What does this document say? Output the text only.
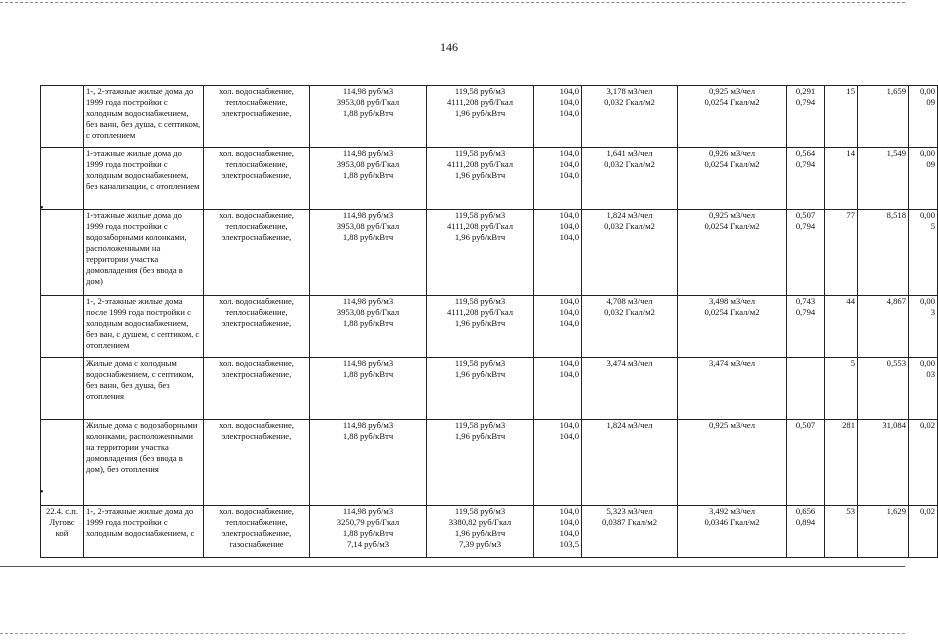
146
	1-, 2-этажные жилые дома до 1999 года постройки с холодным водоснабжением, без ванн, без душа, с септиком, с отоплением	хол. водоснабжение,
теплоснабжение,
электроснабжение,	114,98 руб/м3
3953,08 руб/Гкал
1,88 руб/кВтч	119,58 руб/м3
4111,208 руб/Гкал
1,96 руб/кВтч	104,0
104,0
104,0	3,178 м3/чел
0,032 Гкал/м2	0,925 м3/чел
0,0254 Гкал/м2	0,291
0,794	15	1,659	0,00
09

	1-этажные жилые дома до 1999 года постройки с холодным водоснабжением, без канализации, с отоплением	хол. водоснабжение,
теплоснабжение,
электроснабжение,	114,98 руб/м3
3953,08 руб/Гкал
1,88 руб/кВтч	119,58 руб/м3
4111,208 руб/Гкал
1,96 руб/кВтч	104,0
104,0
104,0	1,641 м3/чел
0,032 Гкал/м2	0,926 м3/чел
0,0254 Гкал/м2	0,564
0,794	14	1,549	0,00
09

	1-этажные жилые дома до 1999 года постройки с водозаборными колонками, расположенными на территории участка домовладения (без ввода в дом)	хол. водоснабжение,
теплоснабжение,
электроснабжение,	114,98 руб/м3
3953,08 руб/Гкал
1,88 руб/кВтч	119,58 руб/м3
4111,208 руб/Гкал
1,96 руб/кВтч	104,0
104,0
104,0	1,824 м3/чел
0,032 Гкал/м2	0,925 м3/чел
0,0254 Гкал/м2	0,507
0,794	77	8,518	0,00
5

	1-, 2-этажные жилые дома после 1999 года постройки с холодным водоснабжением, без ван, с душем, с септиком, с отоплением	хол. водоснабжение,
теплоснабжение,
электроснабжение,	114,98 руб/м3
3953,08 руб/Гкал
1,88 руб/кВтч	119,58 руб/м3
4111,208 руб/Гкал
1,96 руб/кВтч	104,0
104,0
104,0	4,708 м3/чел
0,032 Гкал/м2	3,498 м3/чел
0,0254 Гкал/м2	0,743
0,794	44	4,867	0,00
3

	Жилые дома с холодным водоснабжением, с септиком, без ванн, без душа, без отопления	хол. водоснабжение,
электроснабжение,	114,98 руб/м3
1,88 руб/кВтч	119,58 руб/м3
1,96 руб/кВтч	104,0
104,0	3,474 м3/чел	3,474 м3/чел		5	0,553	0,00
03

	Жилые дома с водозаборными колонками, расположенными на территории участка домовладения (без ввода в дом), без отопления	хол. водоснабжение,
электроснабжение,	114,98 руб/м3
1,88 руб/кВтч	119,58 руб/м3
1,96 руб/кВтч	104,0
104,0	1,824 м3/чел	0,925 м3/чел	0,507	281	31,084	0,02

22.4. с.п. Луговс кой	1-, 2-этажные жилые дома до 1999 года постройки с холодным водоснабжением, с	хол. водоснабжение,
теплоснабжение,
электроснабжение,
газоснабжение	114,98 руб/м3
3250,79 руб/Гкал
1,88 руб/кВтч
7,14 руб/м3	119,58 руб/м3
3380,82 руб/Гкал
1,96 руб/кВтч
7,39 руб/м3	104,0
104,0
104,0
103,5	5,323 м3/чел
0,0387 Гкал/м2	3,492 м3/чел
0,0346 Гкал/м2	0,656
0,894	53	1,629	0,02
•
•
